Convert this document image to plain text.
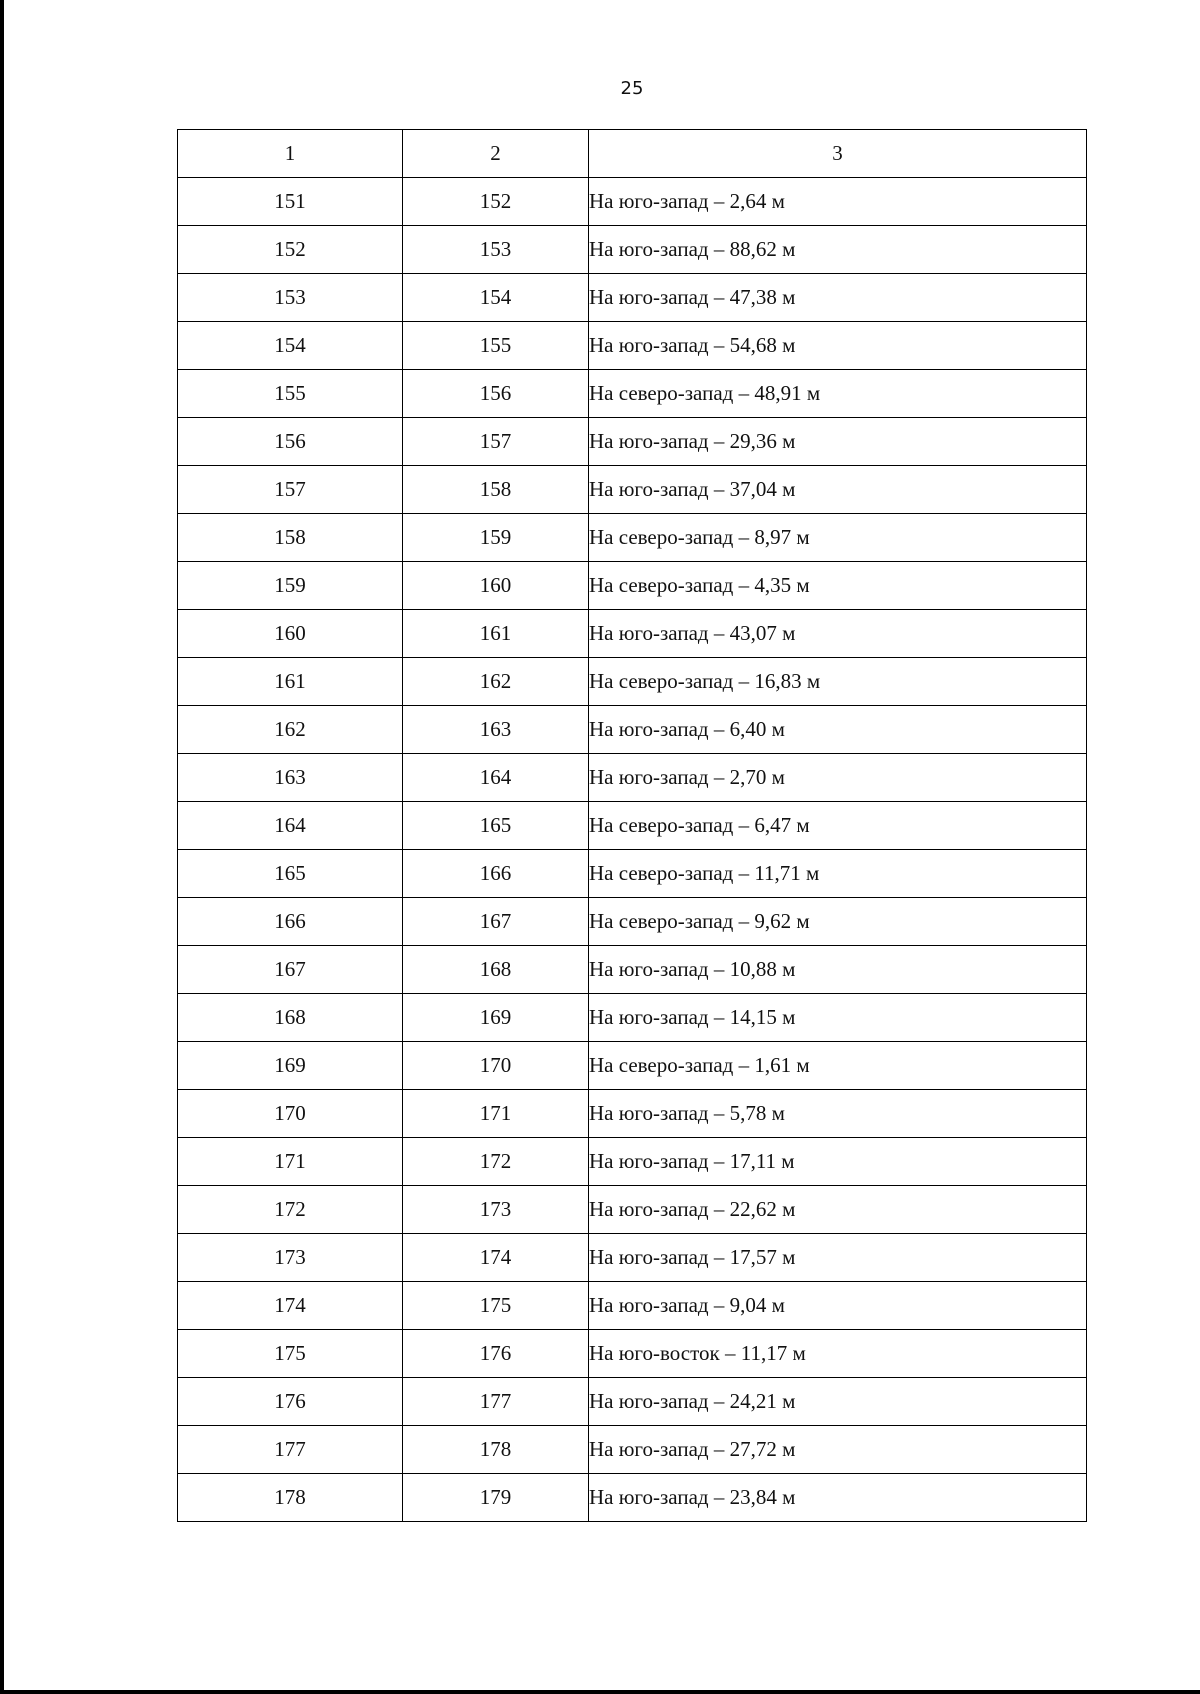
25
1	2	3
151	152	На юго-запад – 2,64 м
152	153	На юго-запад – 88,62 м
153	154	На юго-запад – 47,38 м
154	155	На юго-запад – 54,68 м
155	156	На северо-запад – 48,91 м
156	157	На юго-запад – 29,36 м
157	158	На юго-запад – 37,04 м
158	159	На северо-запад – 8,97 м
159	160	На северо-запад – 4,35 м
160	161	На юго-запад – 43,07 м
161	162	На северо-запад – 16,83 м
162	163	На юго-запад – 6,40 м
163	164	На юго-запад – 2,70 м
164	165	На северо-запад – 6,47 м
165	166	На северо-запад – 11,71 м
166	167	На северо-запад – 9,62 м
167	168	На юго-запад – 10,88 м
168	169	На юго-запад – 14,15 м
169	170	На северо-запад – 1,61 м
170	171	На юго-запад – 5,78 м
171	172	На юго-запад – 17,11 м
172	173	На юго-запад – 22,62 м
173	174	На юго-запад – 17,57 м
174	175	На юго-запад – 9,04 м
175	176	На юго-восток – 11,17 м
176	177	На юго-запад – 24,21 м
177	178	На юго-запад – 27,72 м
178	179	На юго-запад – 23,84 м
